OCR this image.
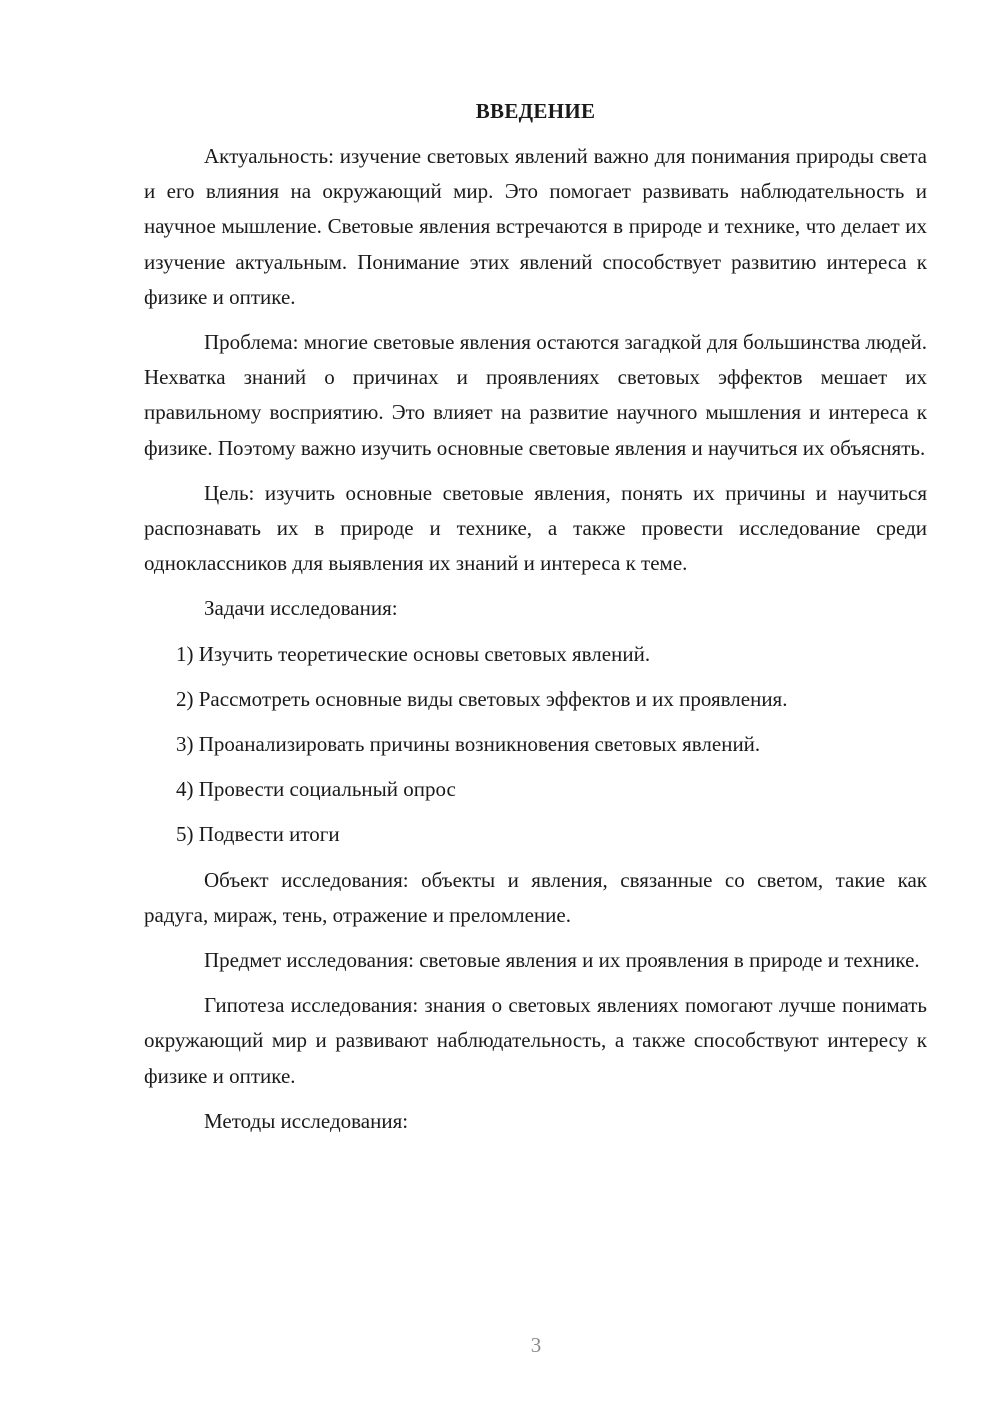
ВВЕДЕНИЕ

Актуальность: изучение световых явлений важно для понимания природы света и его влияния на окружающий мир. Это помогает развивать наблюдательность и научное мышление. Световые явления встречаются в природе и технике, что делает их изучение актуальным. Понимание этих явлений способствует развитию интереса к физике и оптике.

Проблема: многие световые явления остаются загадкой для большинства людей. Нехватка знаний о причинах и проявлениях световых эффектов мешает их правильному восприятию. Это влияет на развитие научного мышления и интереса к физике. Поэтому важно изучить основные световые явления и научиться их объяснять.

Цель: изучить основные световые явления, понять их причины и научиться распознавать их в природе и технике, а также провести исследование среди одноклассников для выявления их знаний и интереса к теме.

Задачи исследования:

1) Изучить теоретические основы световых явлений.

2) Рассмотреть основные виды световых эффектов и их проявления.

3) Проанализировать причины возникновения световых явлений.

4) Провести социальный опрос

5) Подвести итоги

Объект исследования: объекты и явления, связанные со светом, такие как радуга, мираж, тень, отражение и преломление.

Предмет исследования: световые явления и их проявления в природе и технике.

Гипотеза исследования: знания о световых явлениях помогают лучше понимать окружающий мир и развивают наблюдательность, а также способствуют интересу к физике и оптике.

Методы исследования:

3
